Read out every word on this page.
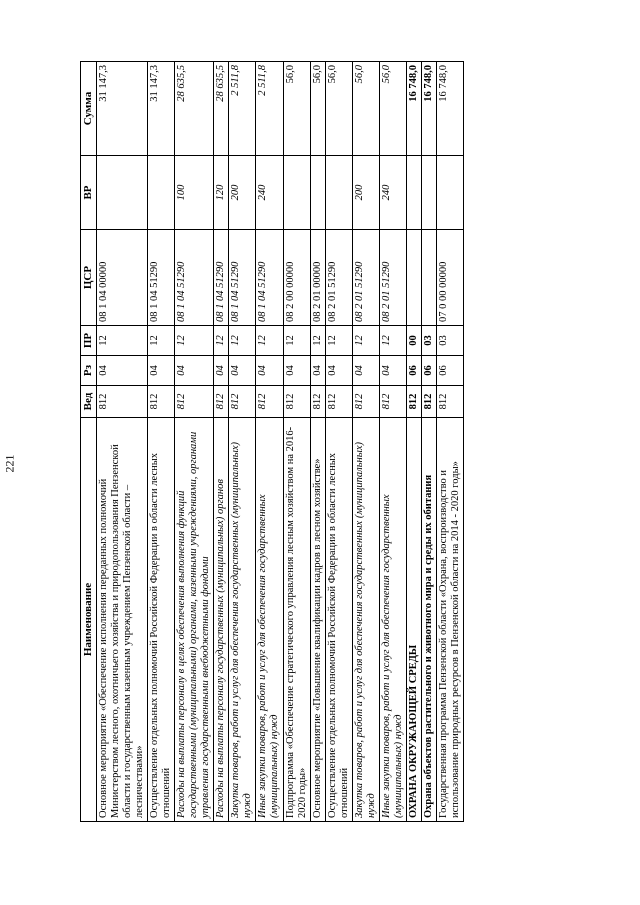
221
Наименование	Вед	Рз	ПР	ЦСР	ВР	Сумма
Основное мероприятие «Обеспечение исполнения переданных полномочий Министерством лесного, охотничьего хозяйства и природопользования Пензенской области и государственным казенным учреждением Пензенской области – лесничествами»	812	04	12	08 1 04 00000		31 147,3
Осуществление отдельных полномочий Российской Федерации в области лесных отношений	812	04	12	08 1 04 51290		31 147,3
Расходы на выплаты персоналу в целях обеспечения выполнения функций государственными (муниципальными) органами, казенными учреждениями, органами управления государственными внебюджетными фондами	812	04	12	08 1 04 51290	100	28 635,5
Расходы на выплаты персоналу государственных (муниципальных) органов	812	04	12	08 1 04 51290	120	28 635,5
Закупка товаров, работ и услуг для обеспечения государственных (муниципальных) нужд	812	04	12	08 1 04 51290	200	2 511,8
Иные закупки товаров, работ и услуг для обеспечения государственных (муниципальных) нужд	812	04	12	08 1 04 51290	240	2 511,8
Подпрограмма «Обеспечение стратегического управления лесным хозяйством на 2016-2020 годы»	812	04	12	08 2 00 00000		56,0
Основное мероприятие «Повышение квалификации кадров в лесном хозяйстве»	812	04	12	08 2 01 00000		56,0
Осуществление отдельных полномочий Российской Федерации в области лесных отношений	812	04	12	08 2 01 51290		56,0
Закупка товаров, работ и услуг для обеспечения государственных (муниципальных) нужд	812	04	12	08 2 01 51290	200	56,0
Иные закупки товаров, работ и услуг для обеспечения государственных (муниципальных) нужд	812	04	12	08 2 01 51290	240	56,0
ОХРАНА ОКРУЖАЮЩЕЙ СРЕДЫ	812	06	00			16 748,0
Охрана объектов растительного и животного мира и среды их обитания	812	06	03			16 748,0
Государственная программа Пензенской области «Охрана, воспроизводство и использование природных ресурсов в Пензенской области на 2014 - 2020 годы»	812	06	03	07 0 00 00000		16 748,0
